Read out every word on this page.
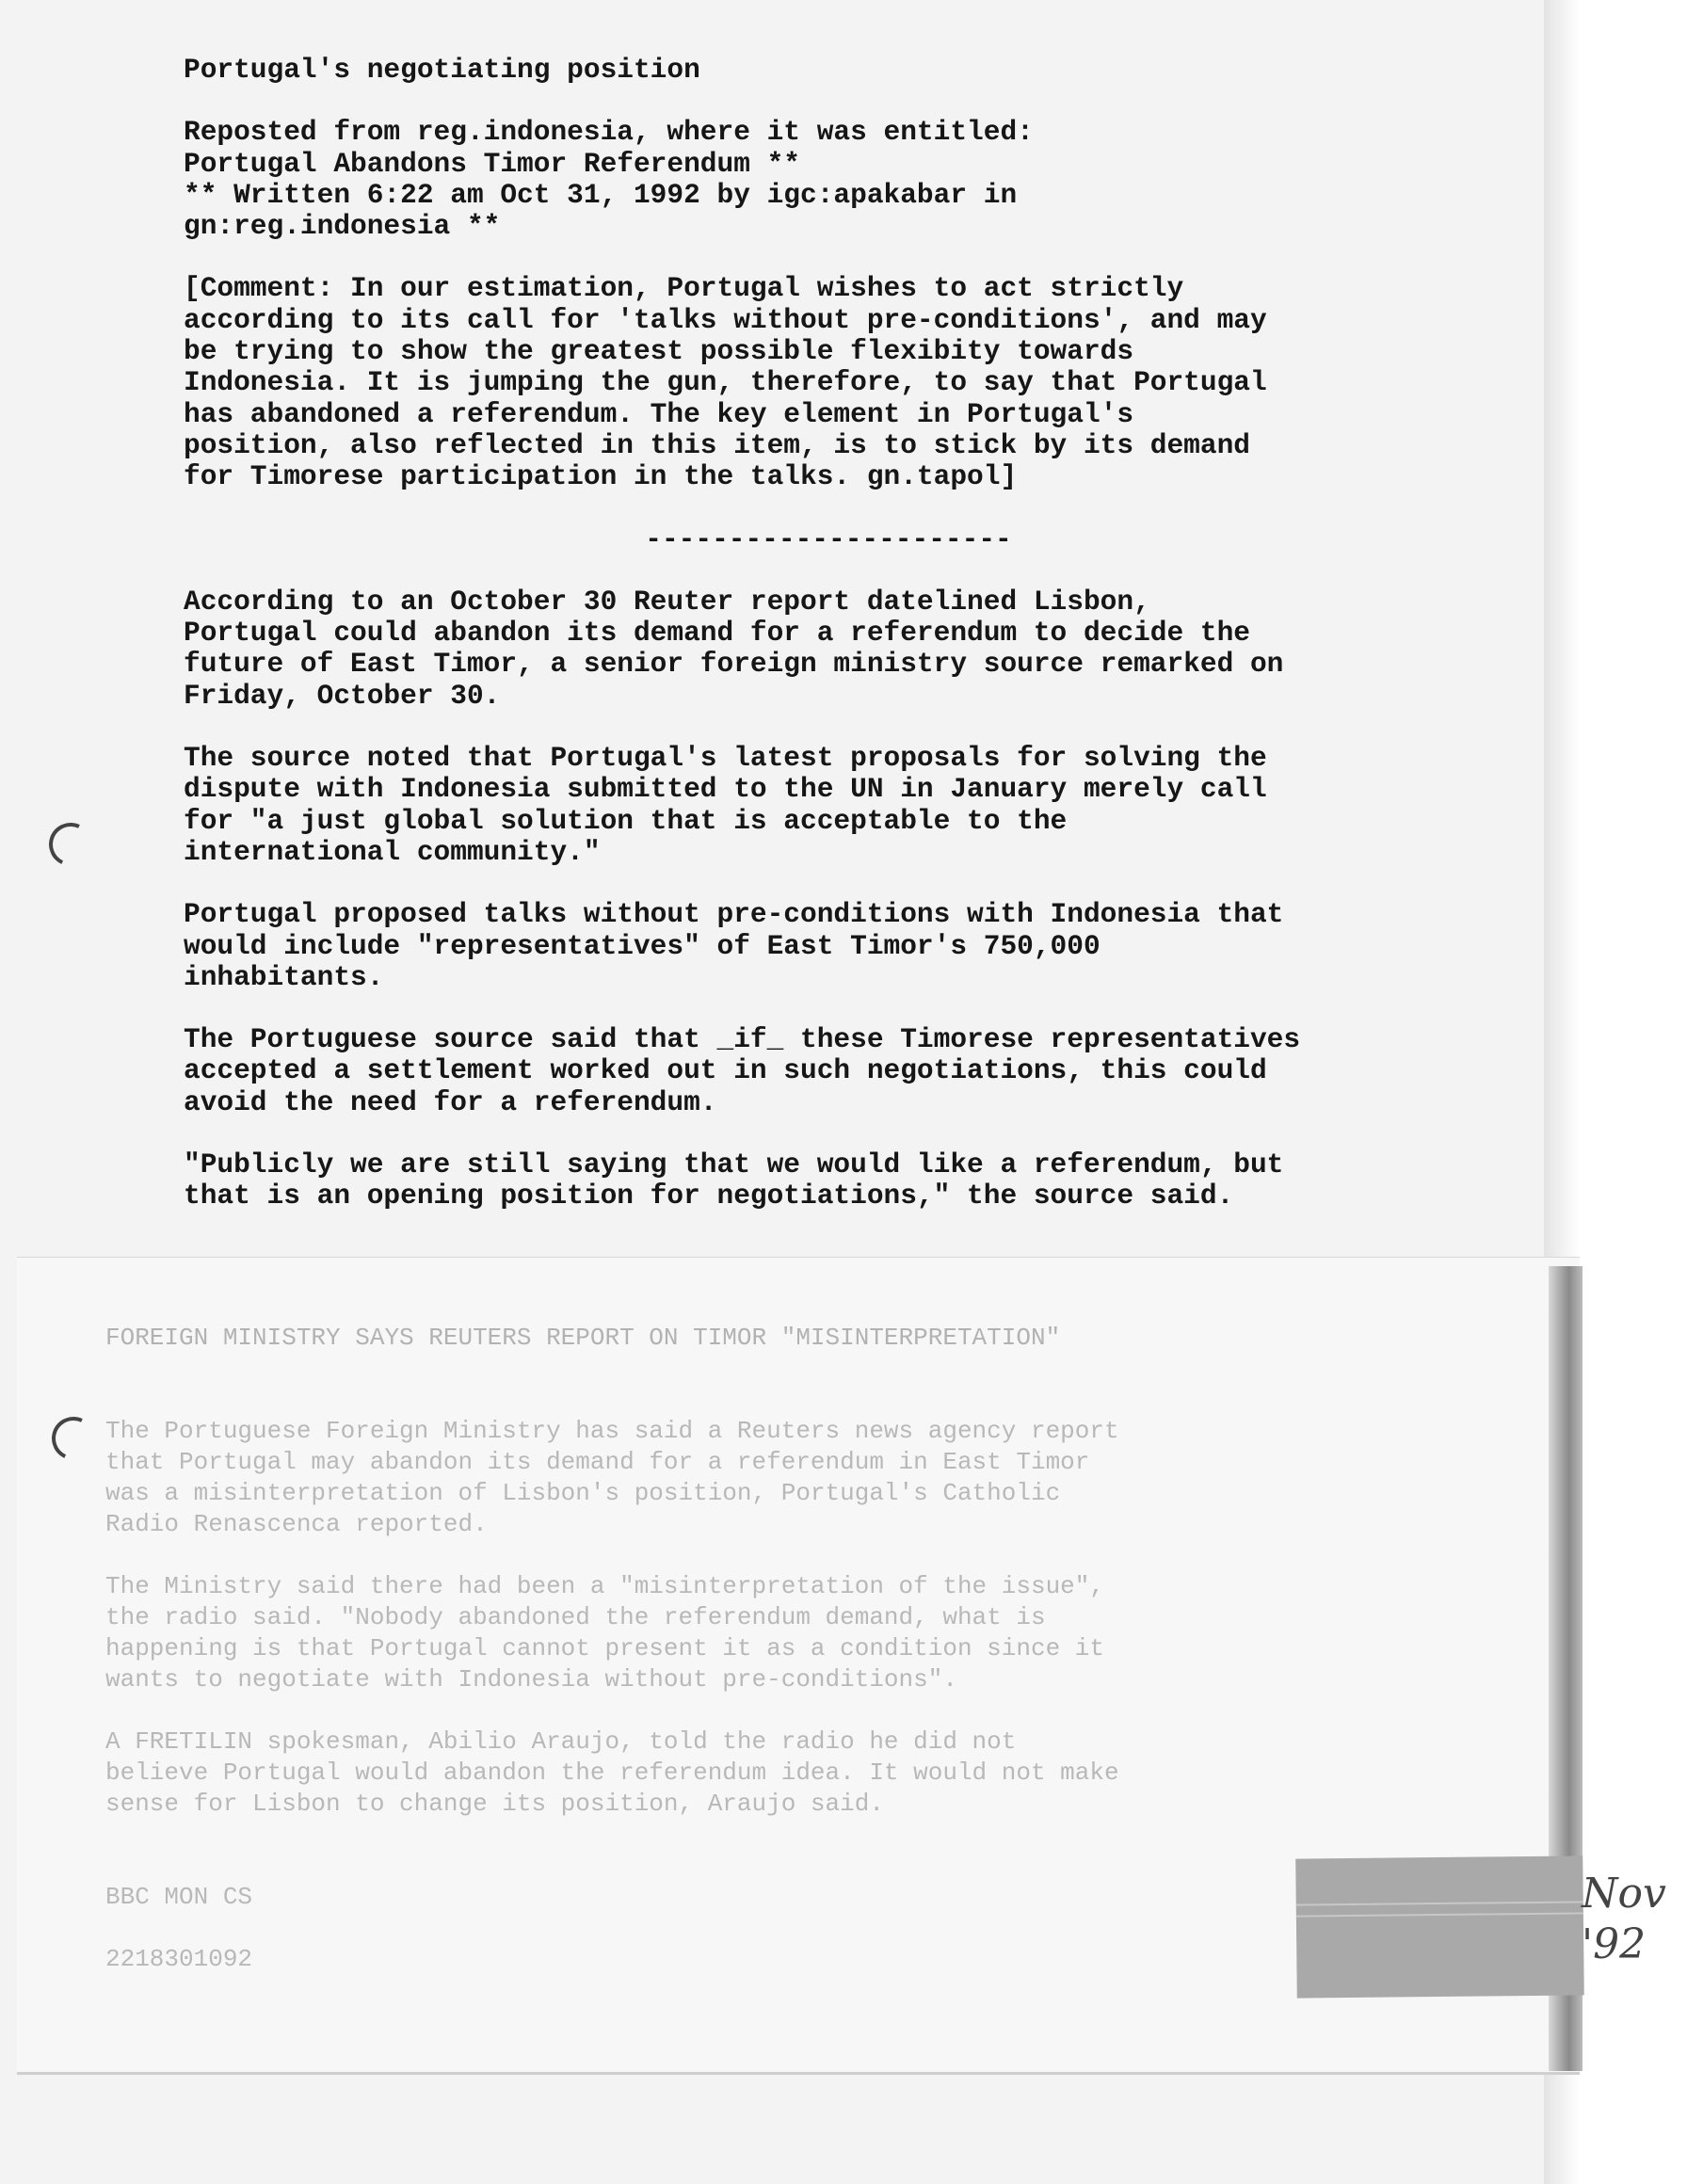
Portugal's negotiating position

Reposted from reg.indonesia, where it was entitled:
Portugal Abandons Timor Referendum **
** Written 6:22 am Oct 31, 1992 by igc:apakabar in
gn:reg.indonesia **

[Comment: In our estimation, Portugal wishes to act strictly
according to its call for 'talks without pre-conditions', and may
be trying to show the greatest possible flexibity towards
Indonesia. It is jumping the gun, therefore, to say that Portugal
has abandoned a referendum. The key element in Portugal's
position, also reflected in this item, is to stick by its demand
for Timorese participation in the talks. gn.tapol]

----------------------

According to an October 30 Reuter report datelined Lisbon,
Portugal could abandon its demand for a referendum to decide the
future of East Timor, a senior foreign ministry source remarked on
Friday, October 30.

The source noted that Portugal's latest proposals for solving the
dispute with Indonesia submitted to the UN in January merely call
for "a just global solution that is acceptable to the
international community."

Portugal proposed talks without pre-conditions with Indonesia that
would include "representatives" of East Timor's 750,000
inhabitants.

The Portuguese source said that _if_ these Timorese representatives
accepted a settlement worked out in such negotiations, this could
avoid the need for a referendum.

"Publicly we are still saying that we would like a referendum, but
that is an opening position for negotiations," the source said.

FOREIGN MINISTRY SAYS REUTERS REPORT ON TIMOR "MISINTERPRETATION"

The Portuguese Foreign Ministry has said a Reuters news agency report
that Portugal may abandon its demand for a referendum in East Timor
was a misinterpretation of Lisbon's position, Portugal's Catholic
Radio Renascenca reported.

The Ministry said there had been a "misinterpretation of the issue",
the radio said. "Nobody abandoned the referendum demand, what is
happening is that Portugal cannot present it as a condition since it
wants to negotiate with Indonesia without pre-conditions".

A FRETILIN spokesman, Abilio Araujo, told the radio he did not
believe Portugal would abandon the referendum idea. It would not make
sense for Lisbon to change its position, Araujo said.

BBC MON CS

2218301092

Nov
'92
